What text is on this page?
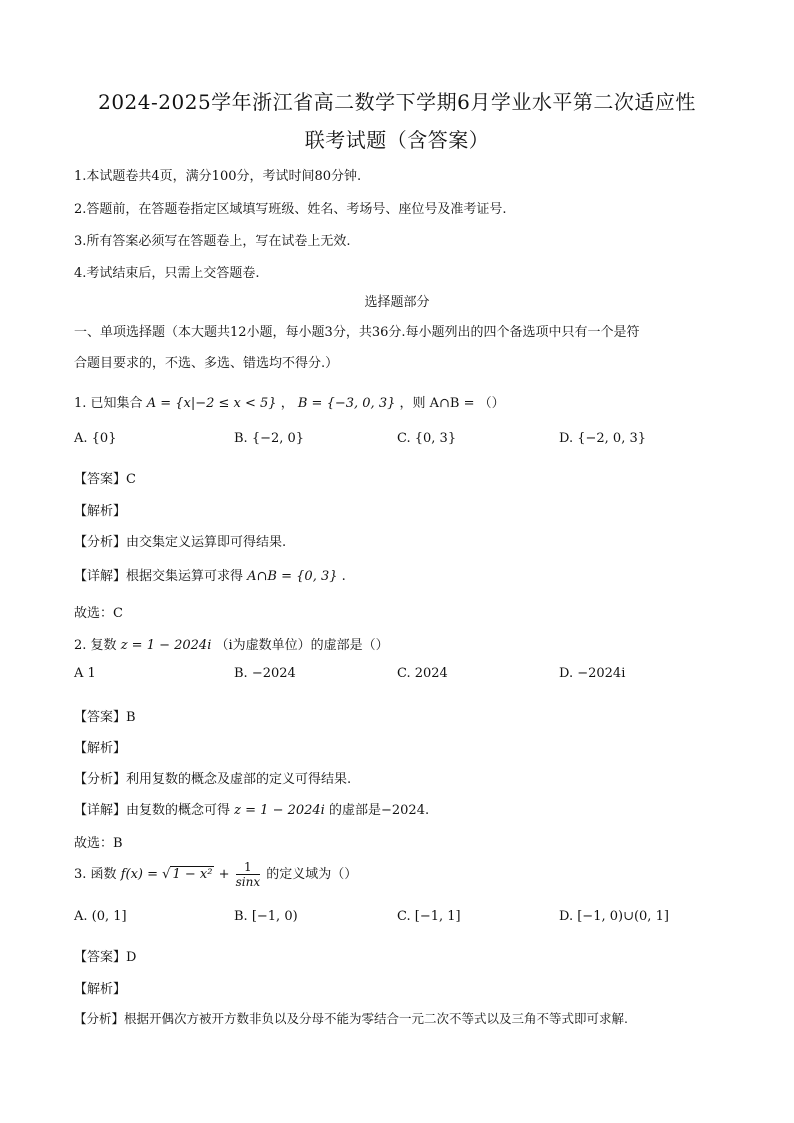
2024-2025学年浙江省高二数学下学期6月学业水平第二次适应性
联考试题（含答案）
1.本试题卷共4页，满分100分，考试时间80分钟.
2.答题前，在答题卷指定区域填写班级、姓名、考场号、座位号及准考证号.
3.所有答案必须写在答题卷上，写在试卷上无效.
4.考试结束后，只需上交答题卷.
选择题部分
一、单项选择题（本大题共12小题，每小题3分，共36分.每小题列出的四个备选项中只有一个是符
合题目要求的，不选、多选、错选均不得分.）
1. 已知集合 A = {x|−2 ≤ x < 5} ， B = {−3, 0, 3} ，则 A∩B = （）
A. {0}	B. {−2, 0}	C. {0, 3}	D. {−2, 0, 3}
【答案】C
【解析】
【分析】由交集定义运算即可得结果.
【详解】根据交集运算可求得 A∩B = {0, 3} .
故选：C
2. 复数 z = 1 − 2024i （i为虚数单位）的虚部是（）
A 1	B. −2024	C. 2024	D. −2024i
【答案】B
【解析】
【分析】利用复数的概念及虚部的定义可得结果.
【详解】由复数的概念可得 z = 1 − 2024i 的虚部是−2024.
故选：B
3. 函数 f(x) = √ $1 - x^2 + \frac{1}{\sin x}$ 的定义域为（）
A. (0, 1]	B. [−1, 0)	C. [−1, 1]	D. [−1, 0)∪(0, 1]
【答案】D
【解析】
【分析】根据开偶次方被开方数非负以及分母不能为零结合一元二次不等式以及三角不等式即可求解.
